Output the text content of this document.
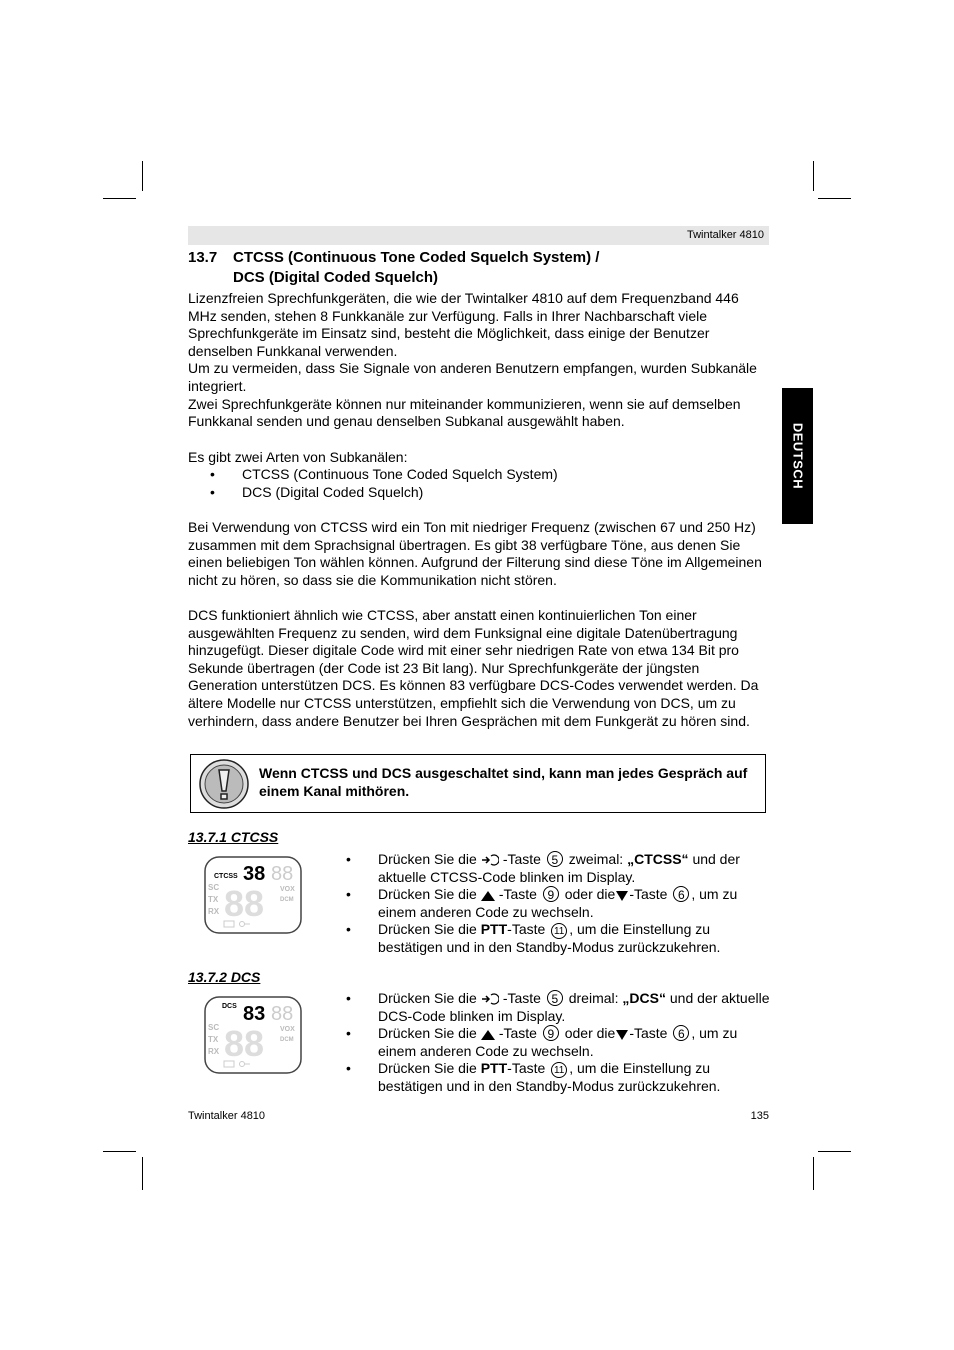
Twintalker 4810
DEUTSCH
13.7 CTCSS (Continuous Tone Coded Squelch System) /
DCS (Digital Coded Squelch)

Lizenzfreien Sprechfunkgeräten, die wie der Twintalker 4810 auf dem Frequenzband 446 MHz senden, stehen 8 Funkkanäle zur Verfügung. Falls in Ihrer Nachbarschaft viele Sprechfunkgeräte im Einsatz sind, besteht die Möglichkeit, dass einige der Benutzer denselben Funkkanal verwenden.

Um zu vermeiden, dass Sie Signale von anderen Benutzern empfangen, wurden Subkanäle integriert.

Zwei Sprechfunkgeräte können nur miteinander kommunizieren, wenn sie auf demselben Funkkanal senden und genau denselben Subkanal ausgewählt haben.

Es gibt zwei Arten von Subkanälen:
• CTCSS (Continuous Tone Coded Squelch System)
• DCS (Digital Coded Squelch)
Bei Verwendung von CTCSS wird ein Ton mit niedriger Frequenz (zwischen 67 und 250 Hz) zusammen mit dem Sprachsignal übertragen. Es gibt 38 verfügbare Töne, aus denen Sie einen beliebigen Ton wählen können. Aufgrund der Filterung sind diese Töne im Allgemeinen nicht zu hören, so dass sie die Kommunikation nicht stören.
DCS funktioniert ähnlich wie CTCSS, aber anstatt einen kontinuierlichen Ton einer ausgewählten Frequenz zu senden, wird dem Funksignal eine digitale Datenübertragung hinzugefügt. Dieser digitale Code wird mit einer sehr niedrigen Rate von etwa 134 Bit pro Sekunde übertragen (der Code ist 23 Bit lang). Nur Sprechfunkgeräte der jüngsten Generation unterstützen DCS. Es können 83 verfügbare DCS-Codes verwendet werden. Da ältere Modelle nur CTCSS unterstützen, empfiehlt sich die Verwendung von DCS, um zu verhindern, dass andere Benutzer bei Ihren Gesprächen mit dem Funkgerät zu hören sind.
Wenn CTCSS und DCS ausgeschaltet sind, kann man jedes Gespräch auf einem Kanal mithören.
13.7.1 CTCSS
CTCSS 38 88
SC
TX
RX 88 VOX
DCM
• Drücken Sie die -Taste 5 zweimal: „CTCSS“ und der aktuelle CTCSS-Code blinken im Display.
• Drücken Sie die -Taste 9 oder die -Taste 6 , um zu einem anderen Code zu wechseln.
• Drücken Sie die PTT-Taste 11 , um die Einstellung zu bestätigen und in den Standby-Modus zurückzukehren.
13.7.2 DCS
DCS 83 88
SC
TX
RX 88 VOX
DCM
• Drücken Sie die -Taste 5 dreimal: „DCS“ und der aktuelle DCS-Code blinken im Display.
• Drücken Sie die -Taste 9 oder die -Taste 6 , um zu einem anderen Code zu wechseln.
• Drücken Sie die PTT-Taste 11 , um die Einstellung zu bestätigen und in den Standby-Modus zurückzukehren.
Twintalker 4810	135
